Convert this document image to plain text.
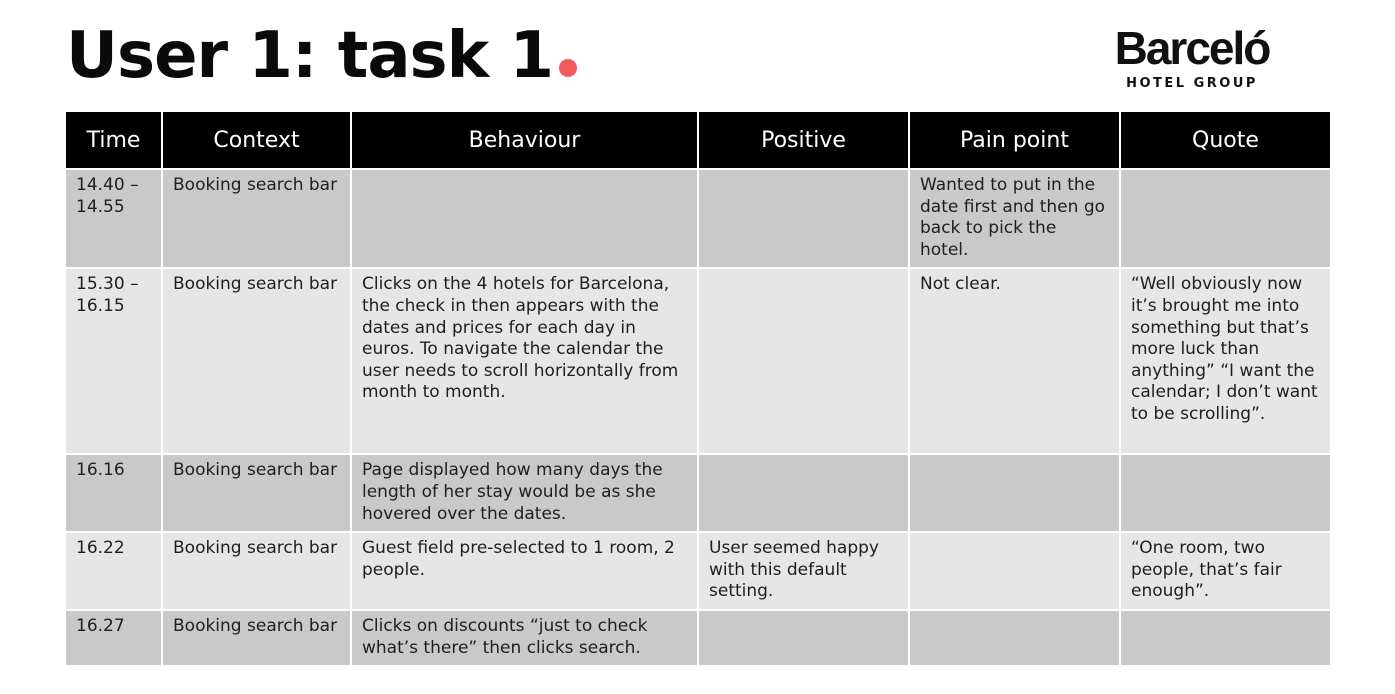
User 1: task 1	Barceló
HOTEL GROUP
Time	Context	Behaviour	Positive	Pain point	Quote
14.40 – 14.55	Booking search bar			Wanted to put in the date first and then go back to pick the hotel.	
15.30 – 16.15	Booking search bar	Clicks on the 4 hotels for Barcelona, the check in then appears with the dates and prices for each day in euros. To navigate the calendar the user needs to scroll horizontally from month to month.		Not clear.	“Well obviously now it’s brought me into something but that’s more luck than anything” “I want the calendar; I don’t want to be scrolling”.
16.16	Booking search bar	Page displayed how many days the length of her stay would be as she hovered over the dates.			
16.22	Booking search bar	Guest field pre-selected to 1 room, 2 people.	User seemed happy with this default setting.		“One room, two people, that’s fair enough”.
16.27	Booking search bar	Clicks on discounts “just to check what’s there” then clicks search.			
